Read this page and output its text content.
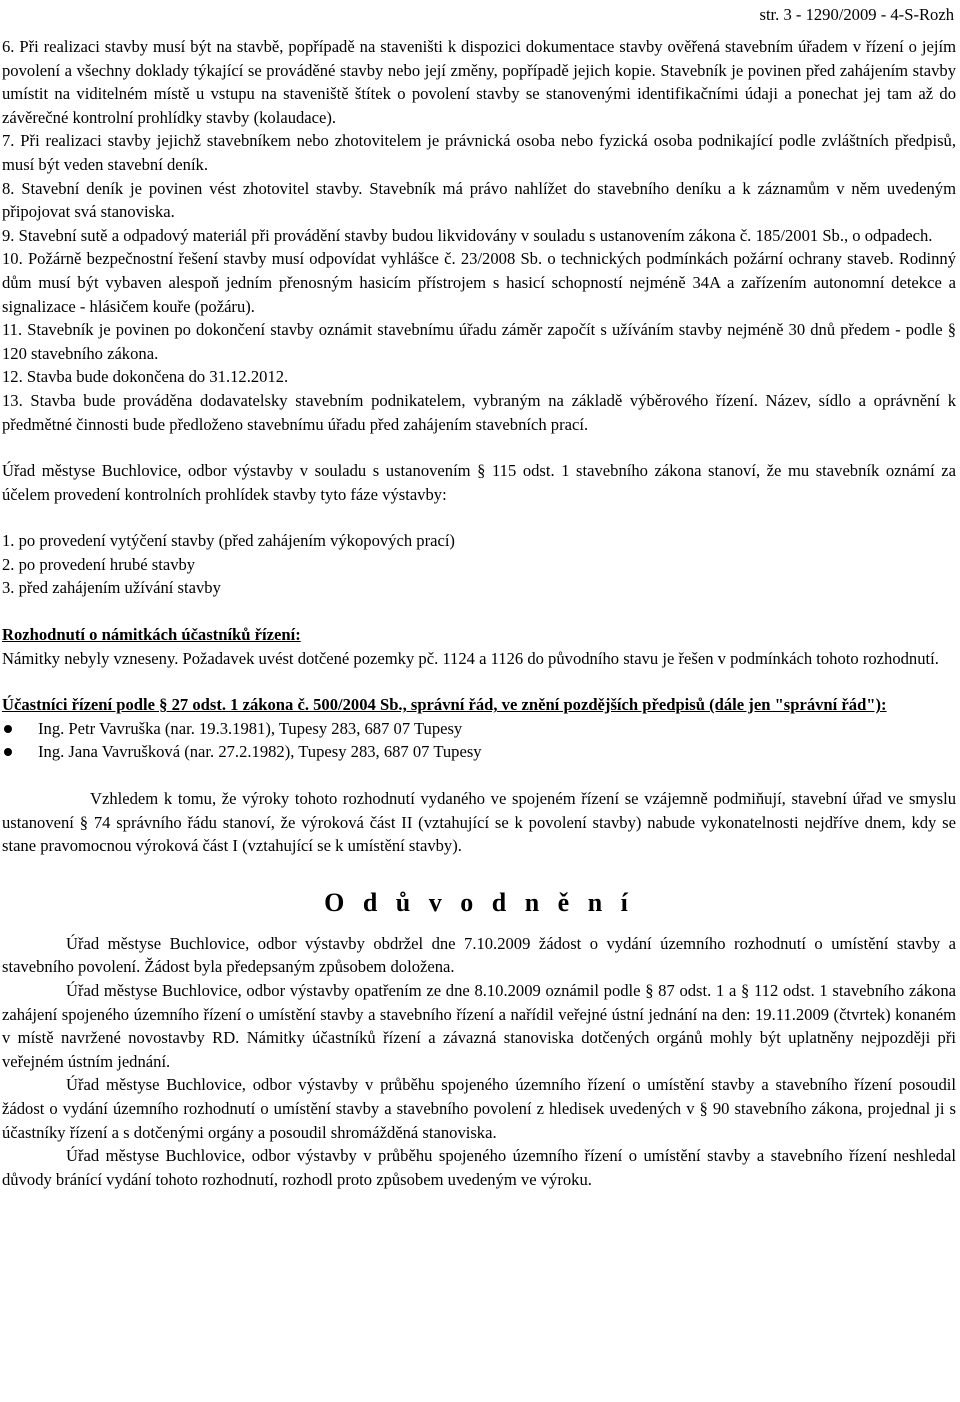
str. 3 - 1290/2009 - 4-S-Rozh

6. Při realizaci stavby musí být na stavbě, popřípadě na staveništi k dispozici dokumentace stavby ověřená stavebním úřadem v řízení o jejím povolení a všechny doklady týkající se prováděné stavby nebo její změny, popřípadě jejich kopie. Stavebník je povinen před zahájením stavby umístit na viditelném místě u vstupu na staveniště štítek o povolení stavby se stanovenými identifikačními údaji a ponechat jej tam až do závěrečné kontrolní prohlídky stavby (kolaudace).

7. Při realizaci stavby jejichž stavebníkem nebo zhotovitelem je právnická osoba nebo fyzická osoba podnikající podle zvláštních předpisů, musí být veden stavební deník.

8. Stavební deník je povinen vést zhotovitel stavby. Stavebník má právo nahlížet do stavebního deníku a k záznamům v něm uvedeným připojovat svá stanoviska.

9. Stavební sutě a odpadový materiál při provádění stavby budou likvidovány v souladu s ustanovením zákona č. 185/2001 Sb., o odpadech.

10. Požárně bezpečnostní řešení stavby musí odpovídat vyhlášce č. 23/2008 Sb. o technických podmínkách požární ochrany staveb. Rodinný dům musí být vybaven alespoň jedním přenosným hasicím přístrojem s hasicí schopností nejméně 34A a zařízením autonomní detekce a signalizace - hlásičem kouře (požáru).

11. Stavebník je povinen po dokončení stavby oznámit stavebnímu úřadu záměr započít s užíváním stavby nejméně 30 dnů předem - podle § 120 stavebního zákona.

12. Stavba bude dokončena do 31.12.2012.

13. Stavba bude prováděna dodavatelsky stavebním podnikatelem, vybraným na základě výběrového řízení. Název, sídlo a oprávnění k předmětné činnosti bude předloženo stavebnímu úřadu před zahájením stavebních prací.

Úřad městyse Buchlovice, odbor výstavby v souladu s ustanovením § 115 odst. 1 stavebního zákona stanoví, že mu stavebník oznámí za účelem provedení kontrolních prohlídek stavby tyto fáze výstavby:

1. po provedení vytýčení stavby (před zahájením výkopových prací)

2. po provedení hrubé stavby

3. před zahájením užívání stavby

Rozhodnutí o námitkách účastníků řízení:

Námitky nebyly vzneseny. Požadavek uvést dotčené pozemky pč. 1124 a 1126 do původního stavu je řešen v podmínkách tohoto rozhodnutí.

Účastníci řízení podle § 27 odst. 1 zákona č. 500/2004 Sb., správní řád, ve znění pozdějších předpisů (dále jen "správní řád"):

Ing. Petr Vavruška (nar. 19.3.1981), Tupesy 283, 687 07 Tupesy
Ing. Jana Vavrušková (nar. 27.2.1982), Tupesy 283, 687 07 Tupesy

Vzhledem k tomu, že výroky tohoto rozhodnutí vydaného ve spojeném řízení se vzájemně podmiňují, stavební úřad ve smyslu ustanovení § 74 správního řádu stanoví, že výroková část II (vztahující se k povolení stavby) nabude vykonatelnosti nejdříve dnem, kdy se stane pravomocnou výroková část I (vztahující se k umístění stavby).

O d ů v o d n ě n í

Úřad městyse Buchlovice, odbor výstavby obdržel dne 7.10.2009 žádost o vydání územního rozhodnutí o umístění stavby a stavebního povolení. Žádost byla předepsaným způsobem doložena.

Úřad městyse Buchlovice, odbor výstavby opatřením ze dne 8.10.2009 oznámil podle § 87 odst. 1 a § 112 odst. 1 stavebního zákona zahájení spojeného územního řízení o umístění stavby a stavebního řízení a nařídil veřejné ústní jednání na den: 19.11.2009 (čtvrtek) konaném v místě navržené novostavby RD. Námitky účastníků řízení a závazná stanoviska dotčených orgánů mohly být uplatněny nejpozději při veřejném ústním jednání.

Úřad městyse Buchlovice, odbor výstavby v průběhu spojeného územního řízení o umístění stavby a stavebního řízení posoudil žádost o vydání územního rozhodnutí o umístění stavby a stavebního povolení z hledisek uvedených v § 90 stavebního zákona, projednal ji s účastníky řízení a s dotčenými orgány a posoudil shromážděná stanoviska.

Úřad městyse Buchlovice, odbor výstavby v průběhu spojeného územního řízení o umístění stavby a stavebního řízení neshledal důvody bránící vydání tohoto rozhodnutí, rozhodl proto způsobem uvedeným ve výroku.
